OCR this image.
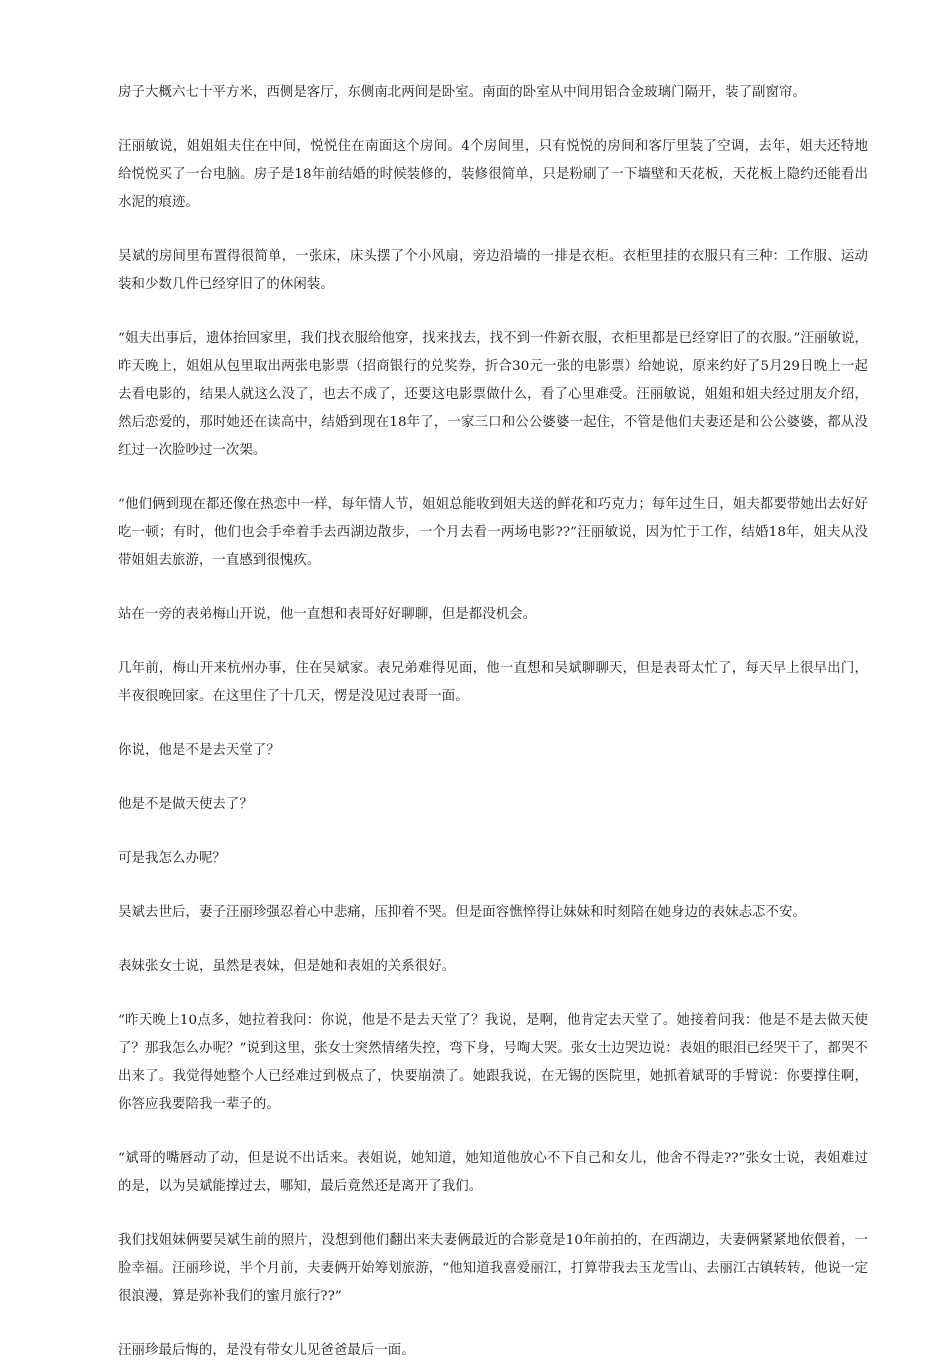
房子大概六七十平方米，西侧是客厅，东侧南北两间是卧室。南面的卧室从中间用铝合金玻璃门隔开，装了副窗帘。

汪丽敏说，姐姐姐夫住在中间，悦悦住在南面这个房间。4个房间里，只有悦悦的房间和客厅里装了空调，去年，姐夫还特地给悦悦买了一台电脑。房子是18年前结婚的时候装修的，装修很简单，只是粉刷了一下墙壁和天花板，天花板上隐约还能看出水泥的痕迹。

吴斌的房间里布置得很简单，一张床，床头摆了个小风扇，旁边沿墙的一排是衣柜。衣柜里挂的衣服只有三种：工作服、运动装和少数几件已经穿旧了的休闲装。

“姐夫出事后，遗体抬回家里，我们找衣服给他穿，找来找去，找不到一件新衣服，衣柜里都是已经穿旧了的衣服。”汪丽敏说，昨天晚上，姐姐从包里取出两张电影票（招商银行的兑奖券，折合30元一张的电影票）给她说，原来约好了5月29日晚上一起去看电影的，结果人就这么没了，也去不成了，还要这电影票做什么，看了心里难受。汪丽敏说，姐姐和姐夫经过朋友介绍，然后恋爱的，那时她还在读高中，结婚到现在18年了，一家三口和公公婆婆一起住，不管是他们夫妻还是和公公婆婆，都从没红过一次脸吵过一次架。

“他们俩到现在都还像在热恋中一样，每年情人节，姐姐总能收到姐夫送的鲜花和巧克力；每年过生日，姐夫都要带她出去好好吃一顿；有时，他们也会手牵着手去西湖边散步，一个月去看一两场电影??”汪丽敏说，因为忙于工作，结婚18年，姐夫从没带姐姐去旅游，一直感到很愧疚。

站在一旁的表弟梅山开说，他一直想和表哥好好聊聊，但是都没机会。

几年前，梅山开来杭州办事，住在吴斌家。表兄弟难得见面，他一直想和吴斌聊聊天，但是表哥太忙了，每天早上很早出门，半夜很晚回家。在这里住了十几天，愣是没见过表哥一面。

你说，他是不是去天堂了？

他是不是做天使去了？

可是我怎么办呢？

吴斌去世后，妻子汪丽珍强忍着心中悲痛，压抑着不哭。但是面容憔悴得让妹妹和时刻陪在她身边的表妹忐忑不安。

表妹张女士说，虽然是表妹，但是她和表姐的关系很好。

“昨天晚上10点多，她拉着我问：你说，他是不是去天堂了？我说，是啊，他肯定去天堂了。她接着问我：他是不是去做天使了？那我怎么办呢？”说到这里，张女士突然情绪失控，弯下身，号啕大哭。张女士边哭边说：表姐的眼泪已经哭干了，都哭不出来了。我觉得她整个人已经难过到极点了，快要崩溃了。她跟我说，在无锡的医院里，她抓着斌哥的手臂说：你要撑住啊，你答应我要陪我一辈子的。

“斌哥的嘴唇动了动，但是说不出话来。表姐说，她知道，她知道他放心不下自己和女儿，他舍不得走??”张女士说，表姐难过的是，以为吴斌能撑过去，哪知，最后竟然还是离开了我们。

我们找姐妹俩要吴斌生前的照片，没想到他们翻出来夫妻俩最近的合影竟是10年前拍的，在西湖边，夫妻俩紧紧地依偎着，一脸幸福。汪丽珍说，半个月前，夫妻俩开始筹划旅游，“他知道我喜爱丽江，打算带我去玉龙雪山、去丽江古镇转转，他说一定很浪漫，算是弥补我们的蜜月旅行??”

汪丽珍最后悔的，是没有带女儿见爸爸最后一面。
